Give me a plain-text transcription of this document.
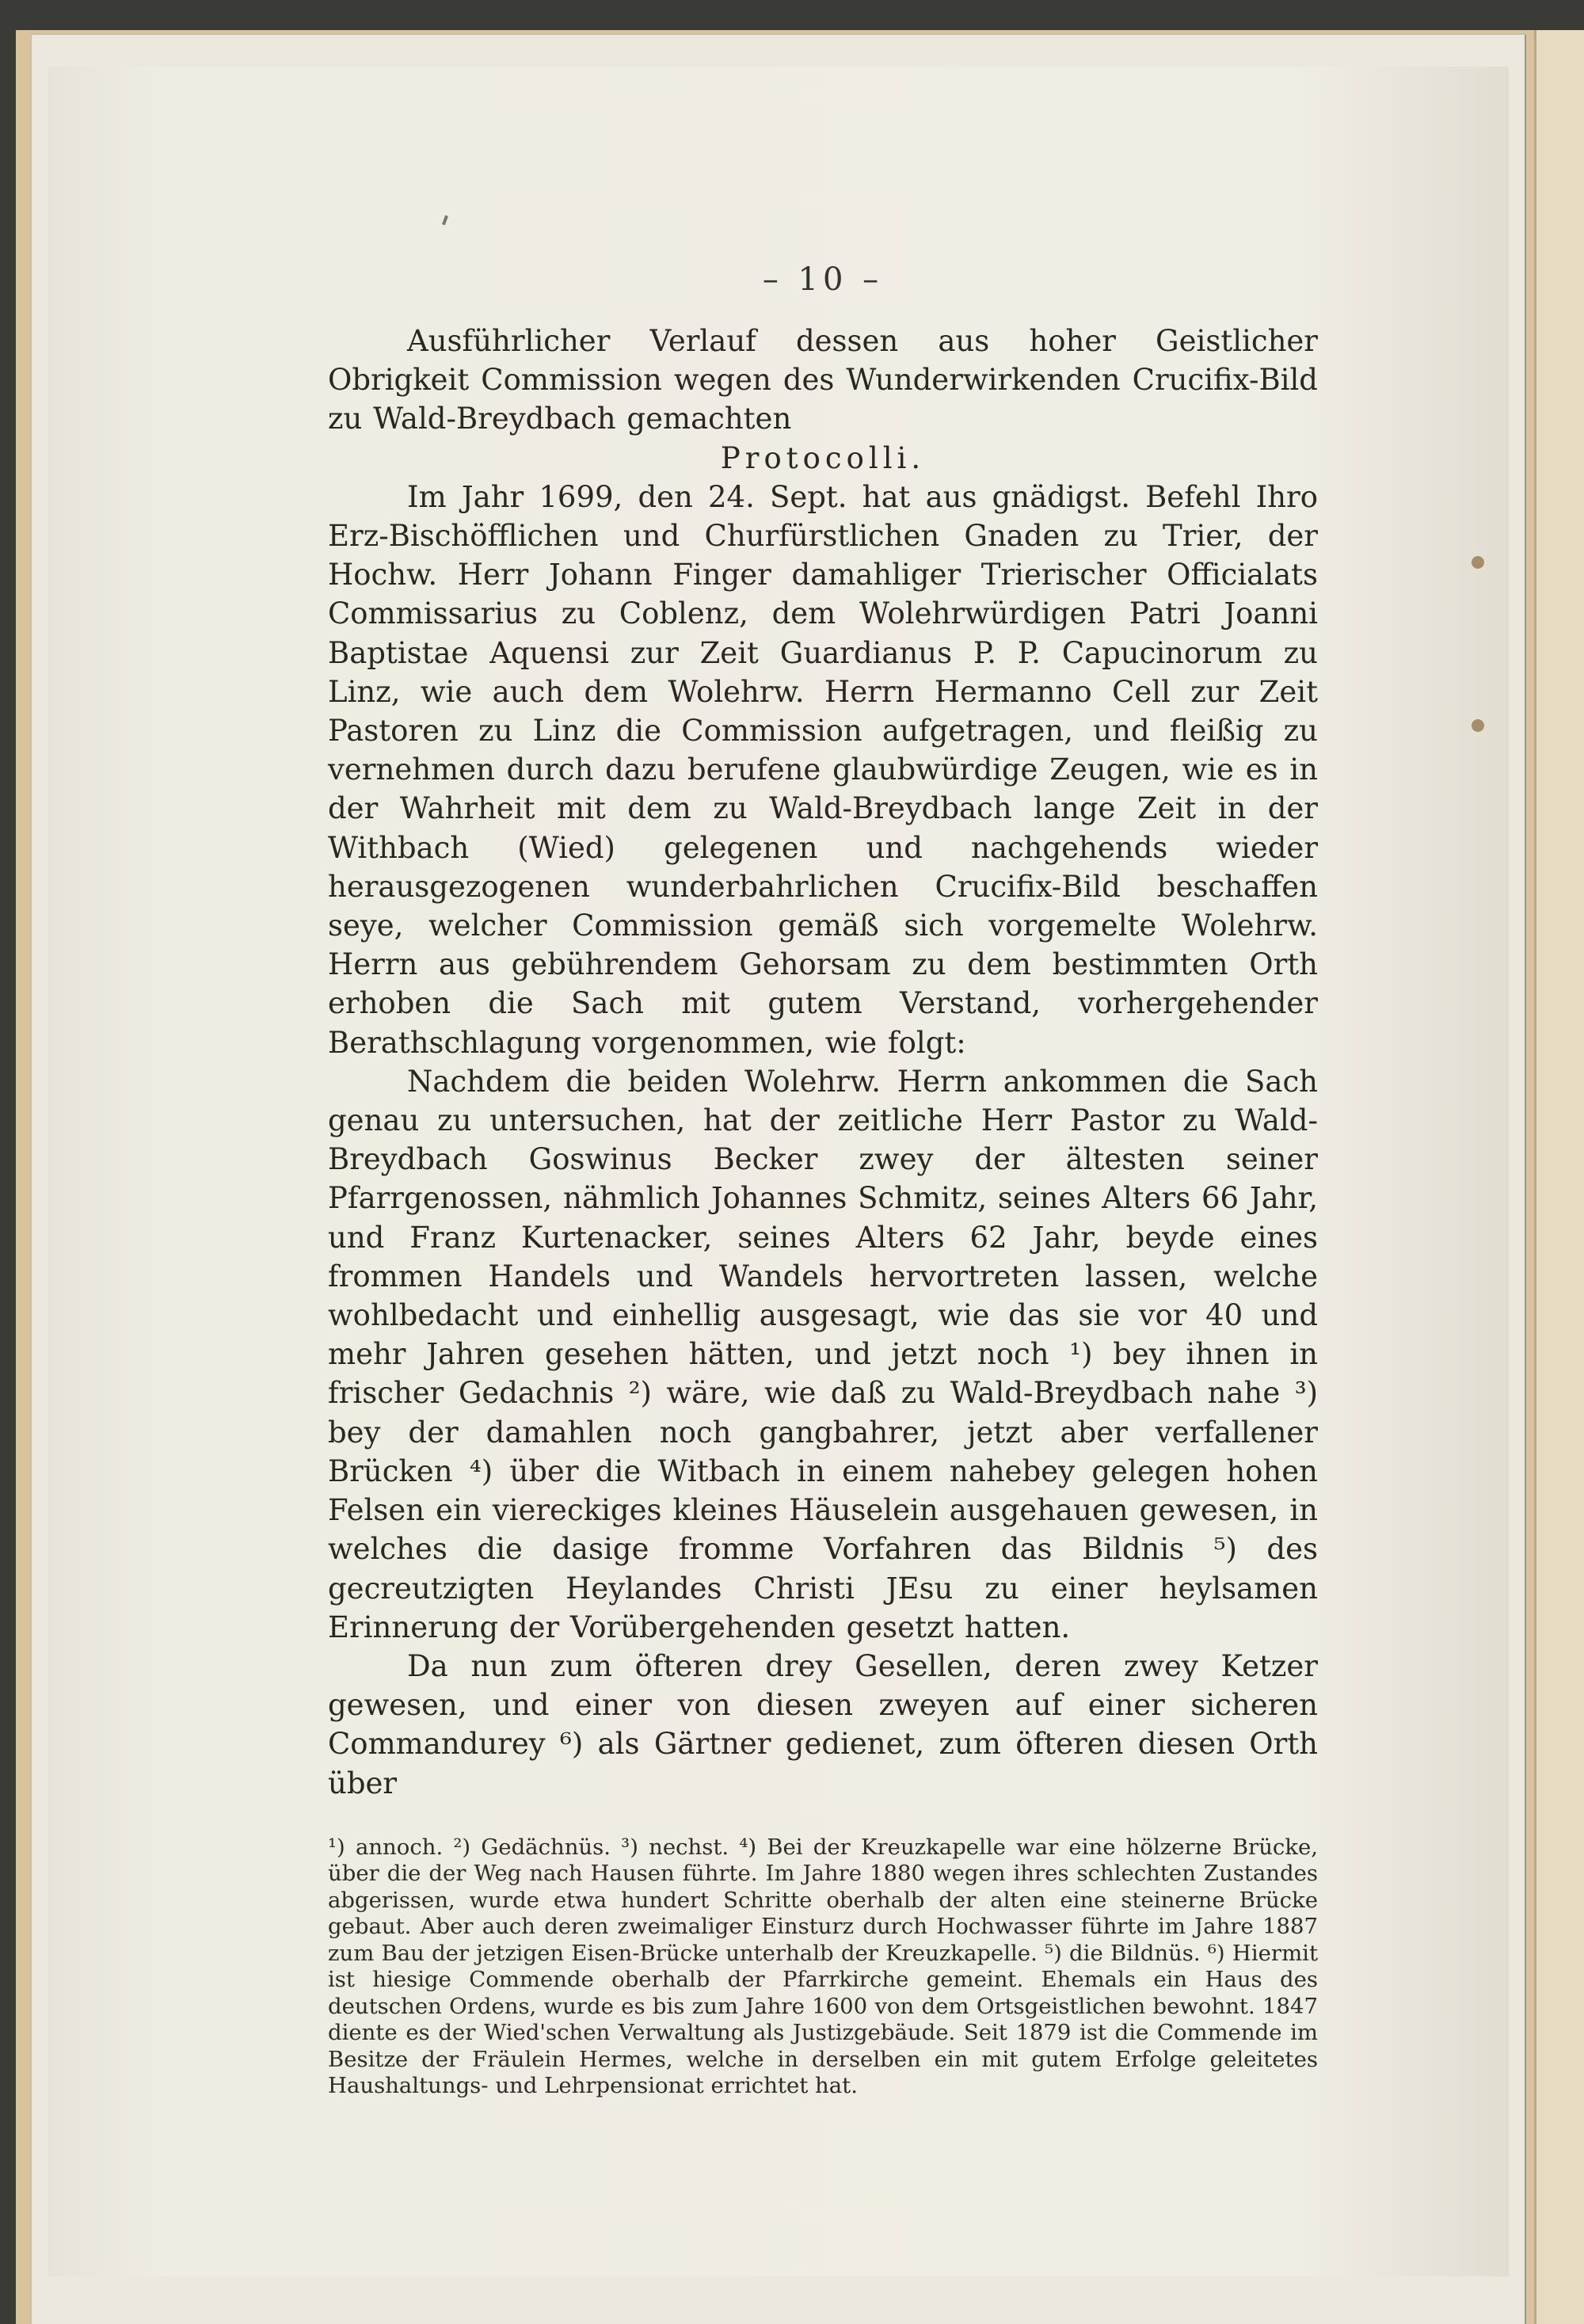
– 10 –

Ausführlicher Verlauf dessen aus hoher Geistlicher Obrigkeit Commission wegen des Wunderwirkenden Crucifix-Bild zu Wald-Breydbach gemachten

Protocolli.

Im Jahr 1699, den 24. Sept. hat aus gnädigst. Befehl Ihro Erz-Bischöfflichen und Churfürstlichen Gnaden zu Trier, der Hochw. Herr Johann Finger damahliger Trierischer Officialats Commissarius zu Coblenz, dem Wolehrwürdigen Patri Joanni Baptistae Aquensi zur Zeit Guardianus P. P. Capucinorum zu Linz, wie auch dem Wolehrw. Herrn Hermanno Cell zur Zeit Pastoren zu Linz die Commission aufgetragen, und fleißig zu vernehmen durch dazu berufene glaubwürdige Zeugen, wie es in der Wahrheit mit dem zu Wald-Breydbach lange Zeit in der Withbach (Wied) gelegenen und nachgehends wieder herausgezogenen wunderbahrlichen Crucifix-Bild beschaffen seye, welcher Commission gemäß sich vorgemelte Wolehrw. Herrn aus gebührendem Gehorsam zu dem bestimmten Orth erhoben die Sach mit gutem Verstand, vorhergehender Berathschlagung vorgenommen, wie folgt:

Nachdem die beiden Wolehrw. Herrn ankommen die Sach genau zu untersuchen, hat der zeitliche Herr Pastor zu Wald-Breydbach Goswinus Becker zwey der ältesten seiner Pfarrgenossen, nähmlich Johannes Schmitz, seines Alters 66 Jahr, und Franz Kurtenacker, seines Alters 62 Jahr, beyde eines frommen Handels und Wandels hervortreten lassen, welche wohlbedacht und einhellig ausgesagt, wie das sie vor 40 und mehr Jahren gesehen hätten, und jetzt noch ¹) bey ihnen in frischer Gedachnis ²) wäre, wie daß zu Wald-Breydbach nahe ³) bey der damahlen noch gangbahrer, jetzt aber verfallener Brücken ⁴) über die Witbach in einem nahebey gelegen hohen Felsen ein viereckiges kleines Häuselein ausgehauen gewesen, in welches die dasige fromme Vorfahren das Bildnis ⁵) des gecreutzigten Heylandes Christi JEsu zu einer heylsamen Erinnerung der Vorübergehenden gesetzt hatten.

Da nun zum öfteren drey Gesellen, deren zwey Ketzer gewesen, und einer von diesen zweyen auf einer sicheren Commandurey ⁶) als Gärtner gedienet, zum öfteren diesen Orth über

¹) annoch. ²) Gedächnüs. ³) nechst. ⁴) Bei der Kreuzkapelle war eine hölzerne Brücke, über die der Weg nach Hausen führte. Im Jahre 1880 wegen ihres schlechten Zustandes abgerissen, wurde etwa hundert Schritte oberhalb der alten eine steinerne Brücke gebaut. Aber auch deren zweimaliger Einsturz durch Hochwasser führte im Jahre 1887 zum Bau der jetzigen Eisen-Brücke unterhalb der Kreuzkapelle. ⁵) die Bildnüs. ⁶) Hiermit ist hiesige Commende oberhalb der Pfarrkirche gemeint. Ehemals ein Haus des deutschen Ordens, wurde es bis zum Jahre 1600 von dem Ortsgeistlichen bewohnt. 1847 diente es der Wied'schen Verwaltung als Justizgebäude. Seit 1879 ist die Commende im Besitze der Fräulein Hermes, welche in derselben ein mit gutem Erfolge geleitetes Haushaltungs- und Lehrpensionat errichtet hat.
